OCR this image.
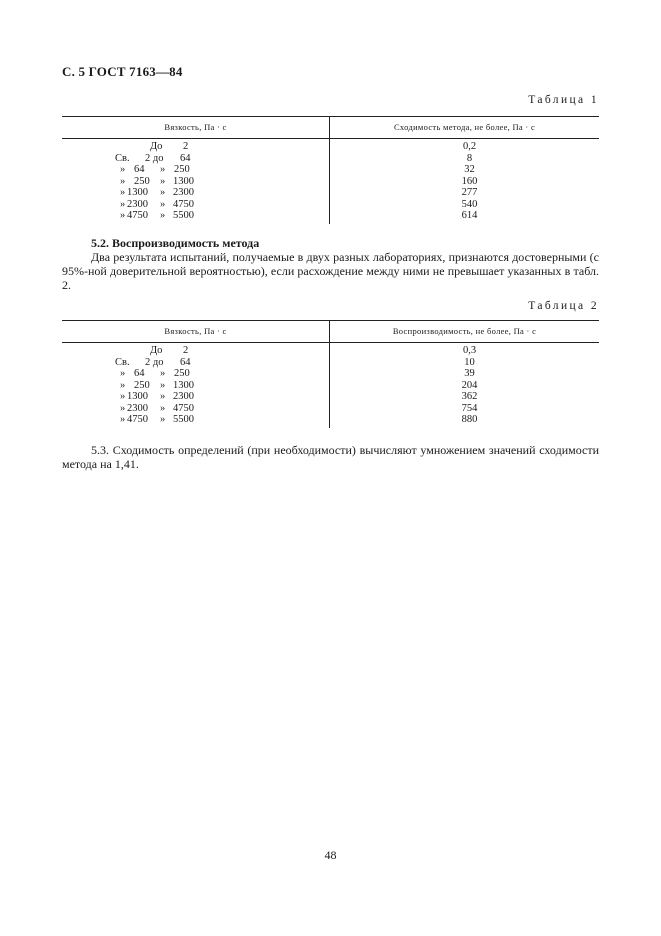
С. 5 ГОСТ 7163—84
Таблица 1
Вязкость, Па · с	Сходимость метода, не более, Па · с
До 2
Св. 2 до 64
» 64 » 250
» 250 » 1300
» 1300 » 2300
» 2300 » 4750
» 4750 » 5500
0,2
8
32
160
277
540
614
5.2. Воспроизводимость метода
Два результата испытаний, получаемые в двух разных лабораториях, признаются достоверными (с 95%-ной доверительной вероятностью), если расхождение между ними не превышает указанных в табл. 2.
Таблица 2
Вязкость, Па · с	Воспроизводимость, не более, Па · с
До 2
Св. 2 до 64
» 64 » 250
» 250 » 1300
» 1300 » 2300
» 2300 » 4750
» 4750 » 5500
0,3
10
39
204
362
754
880
5.3. Сходимость определений (при необходимости) вычисляют умножением значений сходимости метода на 1,41.
48
